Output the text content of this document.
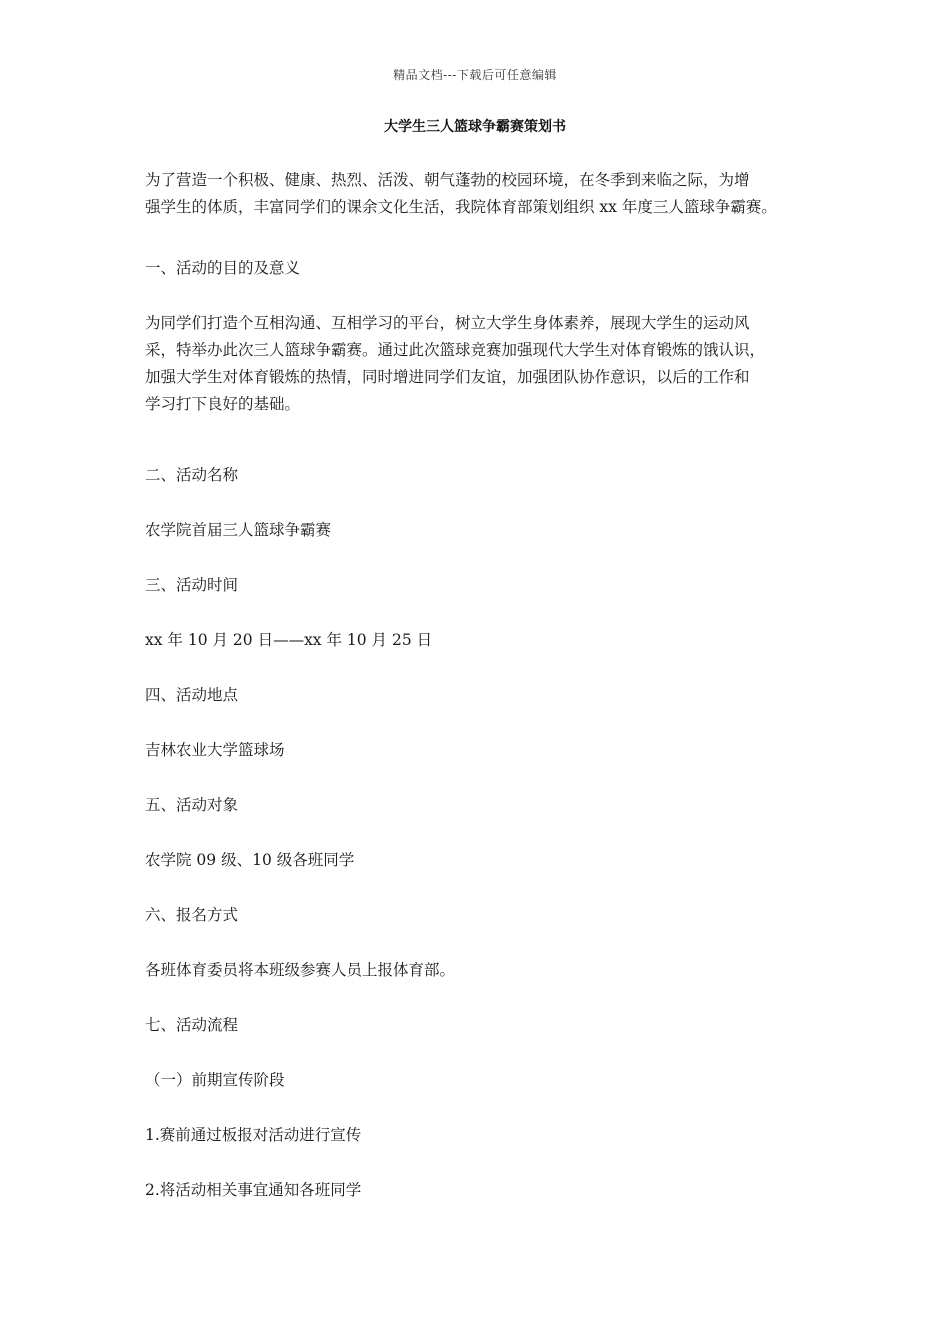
精品文档---下载后可任意编辑
大学生三人篮球争霸赛策划书
为了营造一个积极、健康、热烈、活泼、朝气蓬勃的校园环境，在冬季到来临之际，为增
强学生的体质，丰富同学们的课余文化生活，我院体育部策划组织 xx 年度三人篮球争霸赛。
一、活动的目的及意义
为同学们打造个互相沟通、互相学习的平台，树立大学生身体素养，展现大学生的运动风
采，特举办此次三人篮球争霸赛。通过此次篮球竞赛加强现代大学生对体育锻炼的饿认识，
加强大学生对体育锻炼的热情，同时增进同学们友谊，加强团队协作意识，以后的工作和
学习打下良好的基础。
二、活动名称
农学院首届三人篮球争霸赛
三、活动时间
xx 年 10 月 20 日——xx 年 10 月 25 日
四、活动地点
吉林农业大学篮球场
五、活动对象
农学院 09 级、10 级各班同学
六、报名方式
各班体育委员将本班级参赛人员上报体育部。
七、活动流程
（一）前期宣传阶段
1.赛前通过板报对活动进行宣传
2.将活动相关事宜通知各班同学
